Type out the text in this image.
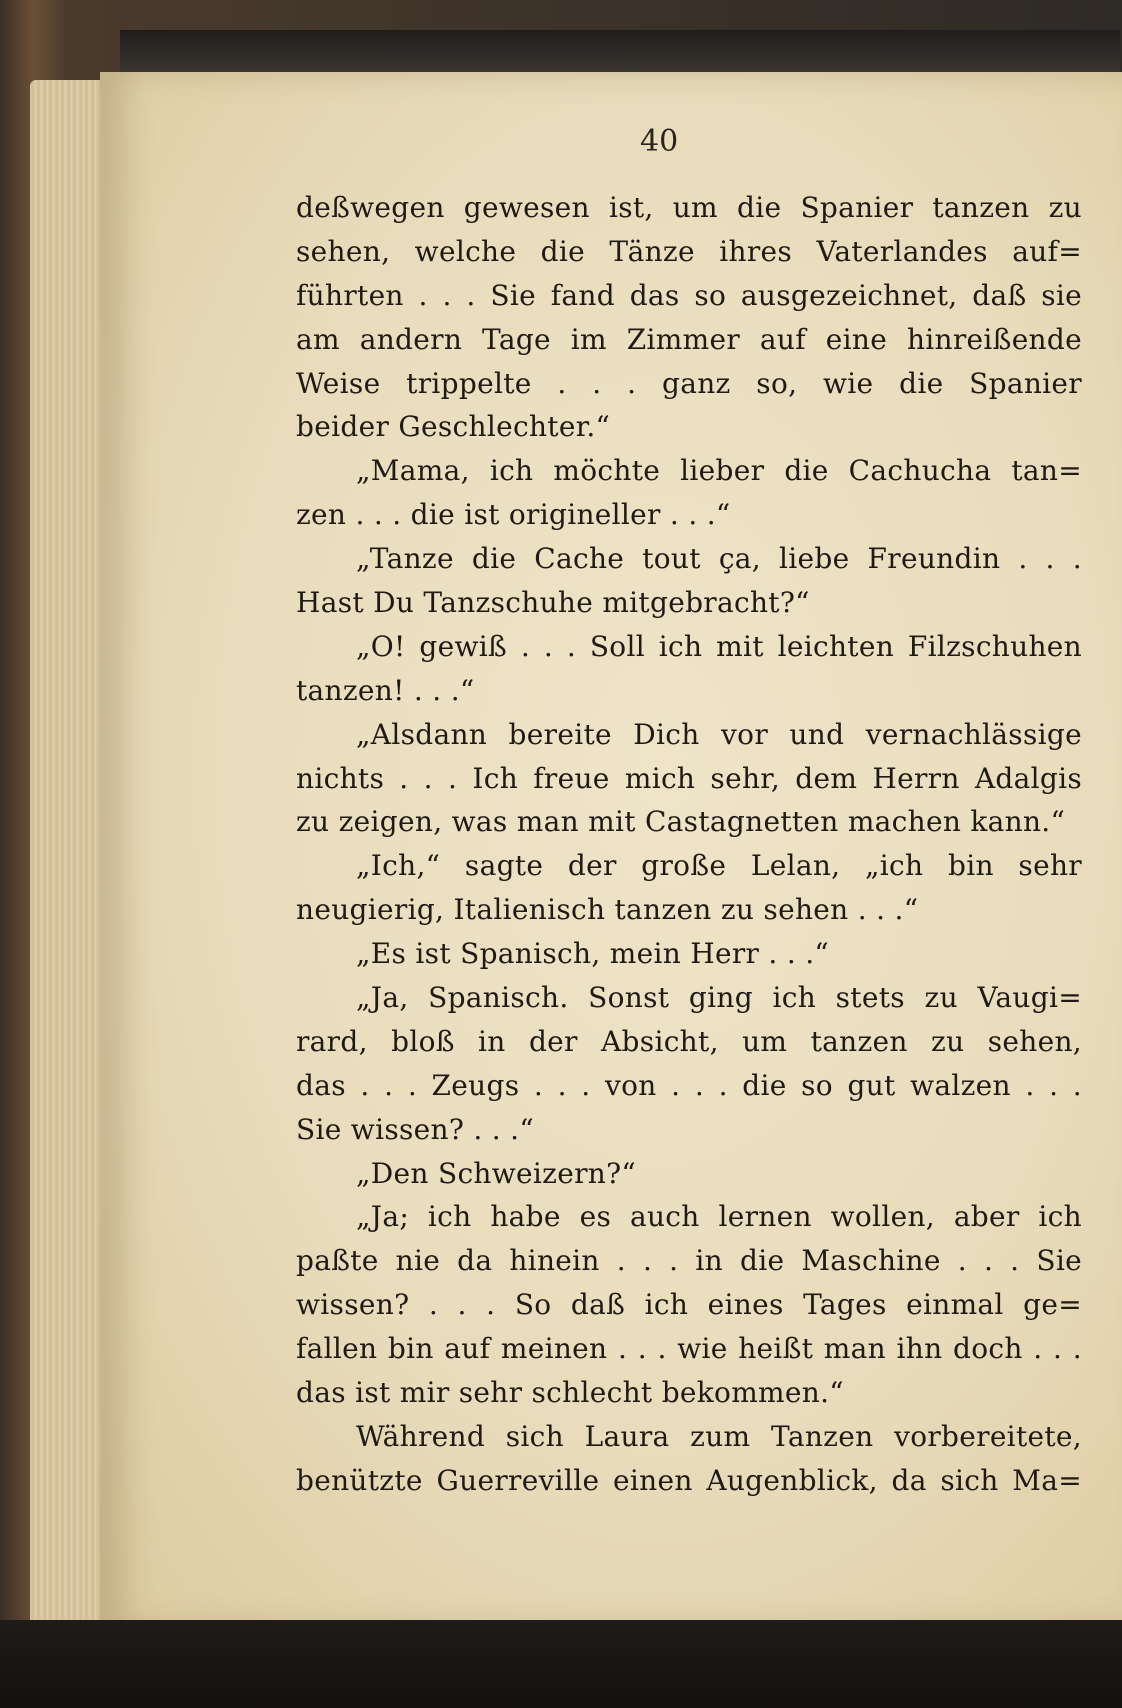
40
deßwegen gewesen ist, um die Spanier tanzen zu
sehen, welche die Tänze ihres Vaterlandes auf=
führten . . . Sie fand das so ausgezeichnet, daß sie
am andern Tage im Zimmer auf eine hinreißende
Weise trippelte . . . ganz so, wie die Spanier
beider Geschlechter.“
„Mama, ich möchte lieber die Cachucha tan=
zen . . . die ist origineller . . .“
„Tanze die Cache tout ça, liebe Freundin . . .
Hast Du Tanzschuhe mitgebracht?“
„O! gewiß . . . Soll ich mit leichten Filzschuhen
tanzen! . . .“
„Alsdann bereite Dich vor und vernachlässige
nichts . . . Ich freue mich sehr, dem Herrn Adalgis
zu zeigen, was man mit Castagnetten machen kann.“
„Ich,“ sagte der große Lelan, „ich bin sehr
neugierig, Italienisch tanzen zu sehen . . .“
„Es ist Spanisch, mein Herr . . .“
„Ja, Spanisch. Sonst ging ich stets zu Vaugi=
rard, bloß in der Absicht, um tanzen zu sehen,
das . . . Zeugs . . . von . . . die so gut walzen . . .
Sie wissen? . . .“
„Den Schweizern?“
„Ja; ich habe es auch lernen wollen, aber ich
paßte nie da hinein . . . in die Maschine . . . Sie
wissen? . . . So daß ich eines Tages einmal ge=
fallen bin auf meinen . . . wie heißt man ihn doch . . .
das ist mir sehr schlecht bekommen.“
Während sich Laura zum Tanzen vorbereitete,
benützte Guerreville einen Augenblick, da sich Ma=
